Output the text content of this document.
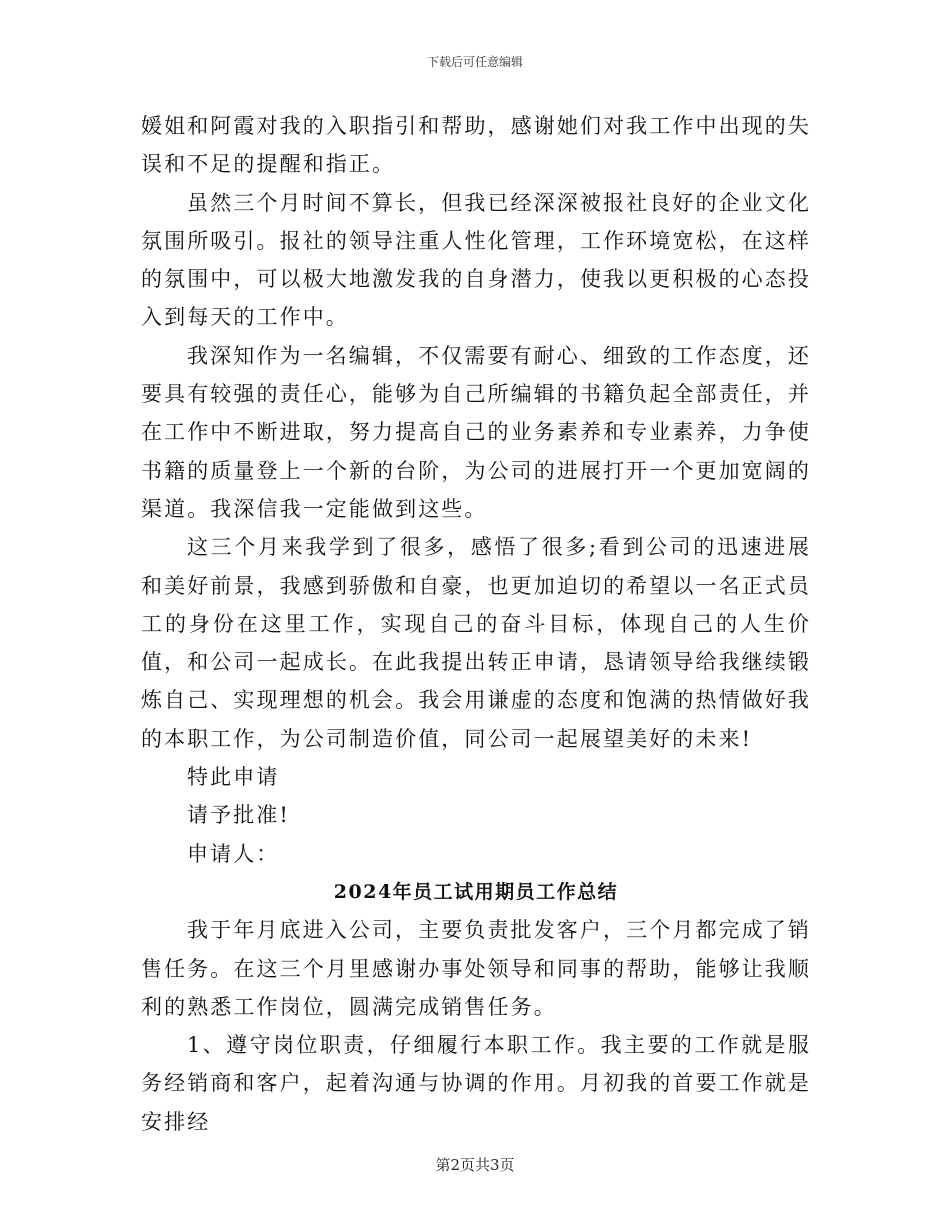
下载后可任意编辑

媛姐和阿霞对我的入职指引和帮助，感谢她们对我工作中出现的失误和不足的提醒和指正。

虽然三个月时间不算长，但我已经深深被报社良好的企业文化氛围所吸引。报社的领导注重人性化管理，工作环境宽松，在这样的氛围中，可以极大地激发我的自身潜力，使我以更积极的心态投入到每天的工作中。

我深知作为一名编辑，不仅需要有耐心、细致的工作态度，还要具有较强的责任心，能够为自己所编辑的书籍负起全部责任，并在工作中不断进取，努力提高自己的业务素养和专业素养，力争使书籍的质量登上一个新的台阶，为公司的进展打开一个更加宽阔的渠道。我深信我一定能做到这些。

这三个月来我学到了很多，感悟了很多;看到公司的迅速进展和美好前景，我感到骄傲和自豪，也更加迫切的希望以一名正式员工的身份在这里工作，实现自己的奋斗目标，体现自己的人生价值，和公司一起成长。在此我提出转正申请，恳请领导给我继续锻炼自己、实现理想的机会。我会用谦虚的态度和饱满的热情做好我的本职工作，为公司制造价值，同公司一起展望美好的未来!

特此申请

请予批准!

申请人：

2024年员工试用期员工作总结

我于年月底进入公司，主要负责批发客户，三个月都完成了销售任务。在这三个月里感谢办事处领导和同事的帮助，能够让我顺利的熟悉工作岗位，圆满完成销售任务。

1、遵守岗位职责，仔细履行本职工作。我主要的工作就是服务经销商和客户，起着沟通与协调的作用。月初我的首要工作就是安排经

第2页共3页
